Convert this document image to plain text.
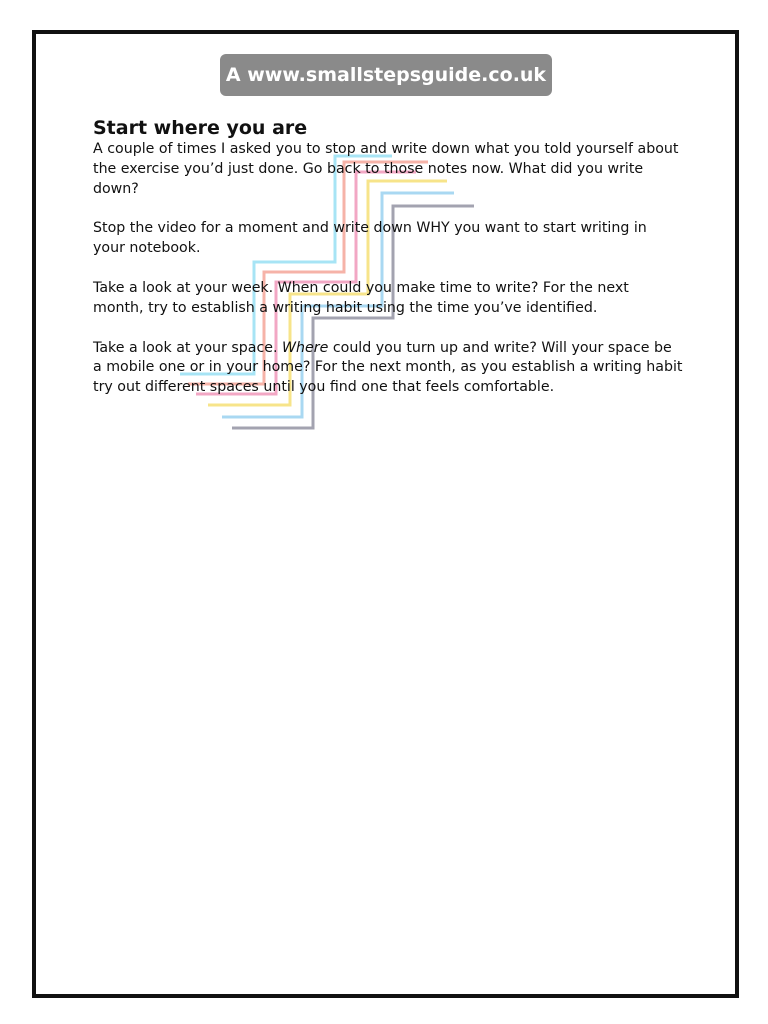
A www.smallstepsguide.co.uk
Start where you are

A couple of times I asked you to stop and write down what you told yourself about the exercise you’d just done. Go back to those notes now. What did you write down?

Stop the video for a moment and write down WHY you want to start writing in your notebook.

Take a look at your week. When could you make time to write? For the next month, try to establish a writing habit using the time you’ve identified.

Take a look at your space. Where could you turn up and write? Will your space be a mobile one or in your home? For the next month, as you establish a writing habit try out different spaces until you find one that feels comfortable.
